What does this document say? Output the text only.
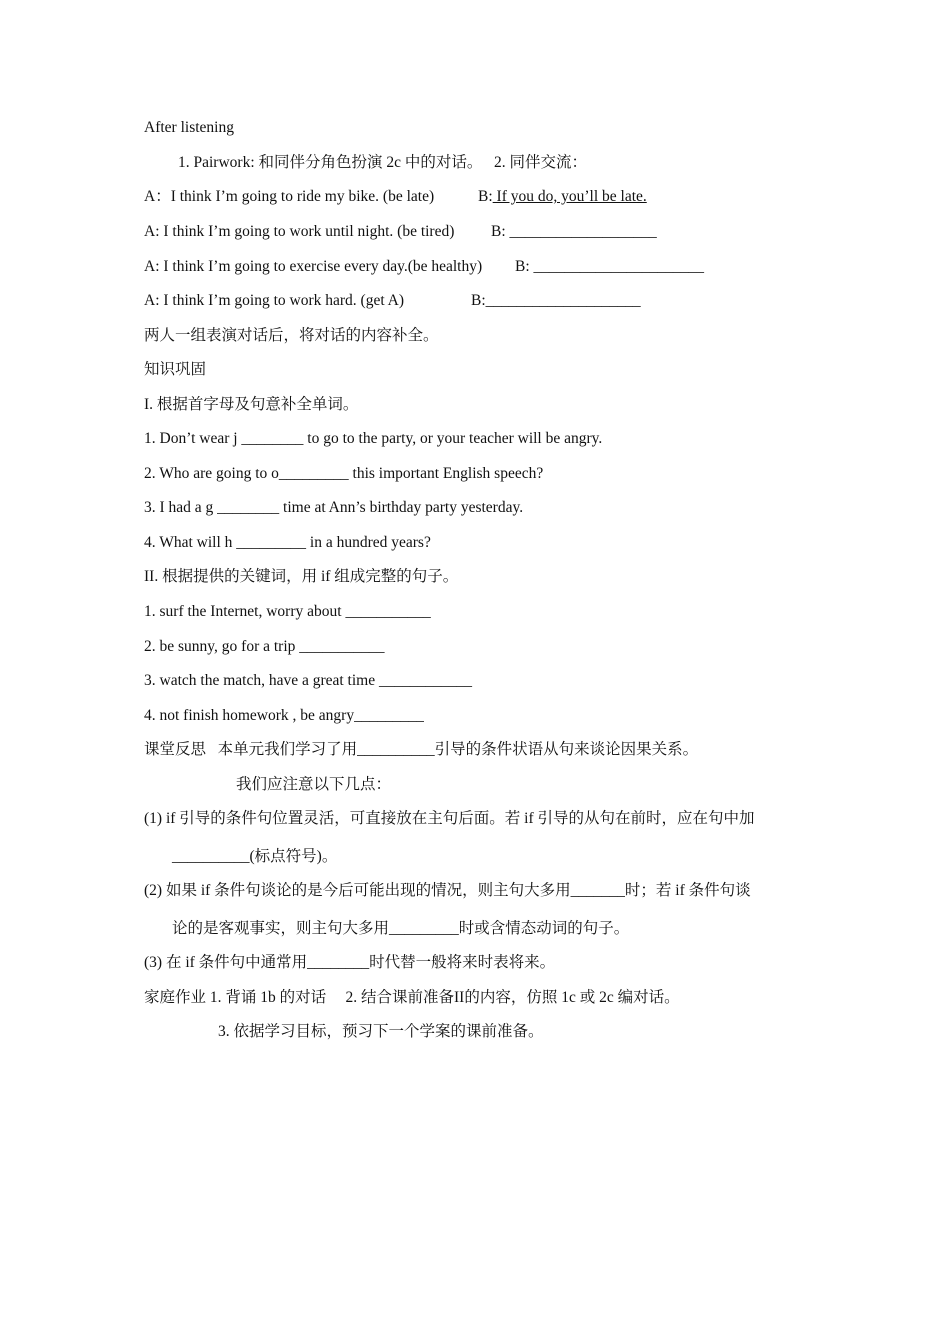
After listening
1. Pairwork: 和同伴分角色扮演 2c 中的对话。   2. 同伴交流：
A：I think I’m going to ride my bike. (be late)	B: If you do, you’ll be late.
A: I think I’m going to work until night. (be tired) B: ___________________
A: I think I’m going to exercise every day.(be healthy) B: ______________________
A: I think I’m going to work hard. (get A)	B:____________________
两人一组表演对话后，将对话的内容补全。
知识巩固
I. 根据首字母及句意补全单词。
1. Don’t wear j ________ to go to the party, or your teacher will be angry.
2. Who are going to o_________ this important English speech?
3. I had a g ________ time at Ann’s birthday party yesterday.
4. What will h _________ in a hundred years?
II. 根据提供的关键词，用 if 组成完整的句子。
1. surf the Internet, worry about ___________
2. be sunny, go for a trip ___________
3. watch the match, have a great time ____________
4. not finish homework , be angry_________
课堂反思   本单元我们学习了用__________引导的条件状语从句来谈论因果关系。
我们应注意以下几点：
(1) if 引导的条件句位置灵活，可直接放在主句后面。若 if 引导的从句在前时，应在句中加
__________(标点符号)。
(2) 如果 if 条件句谈论的是今后可能出现的情况，则主句大多用_______时；若 if 条件句谈
论的是客观事实，则主句大多用_________时或含情态动词的句子。
(3) 在 if 条件句中通常用________时代替一般将来时表将来。
家庭作业 1. 背诵 1b 的对话     2. 结合课前准备II的内容，仿照 1c 或 2c 编对话。
3. 依据学习目标，预习下一个学案的课前准备。
